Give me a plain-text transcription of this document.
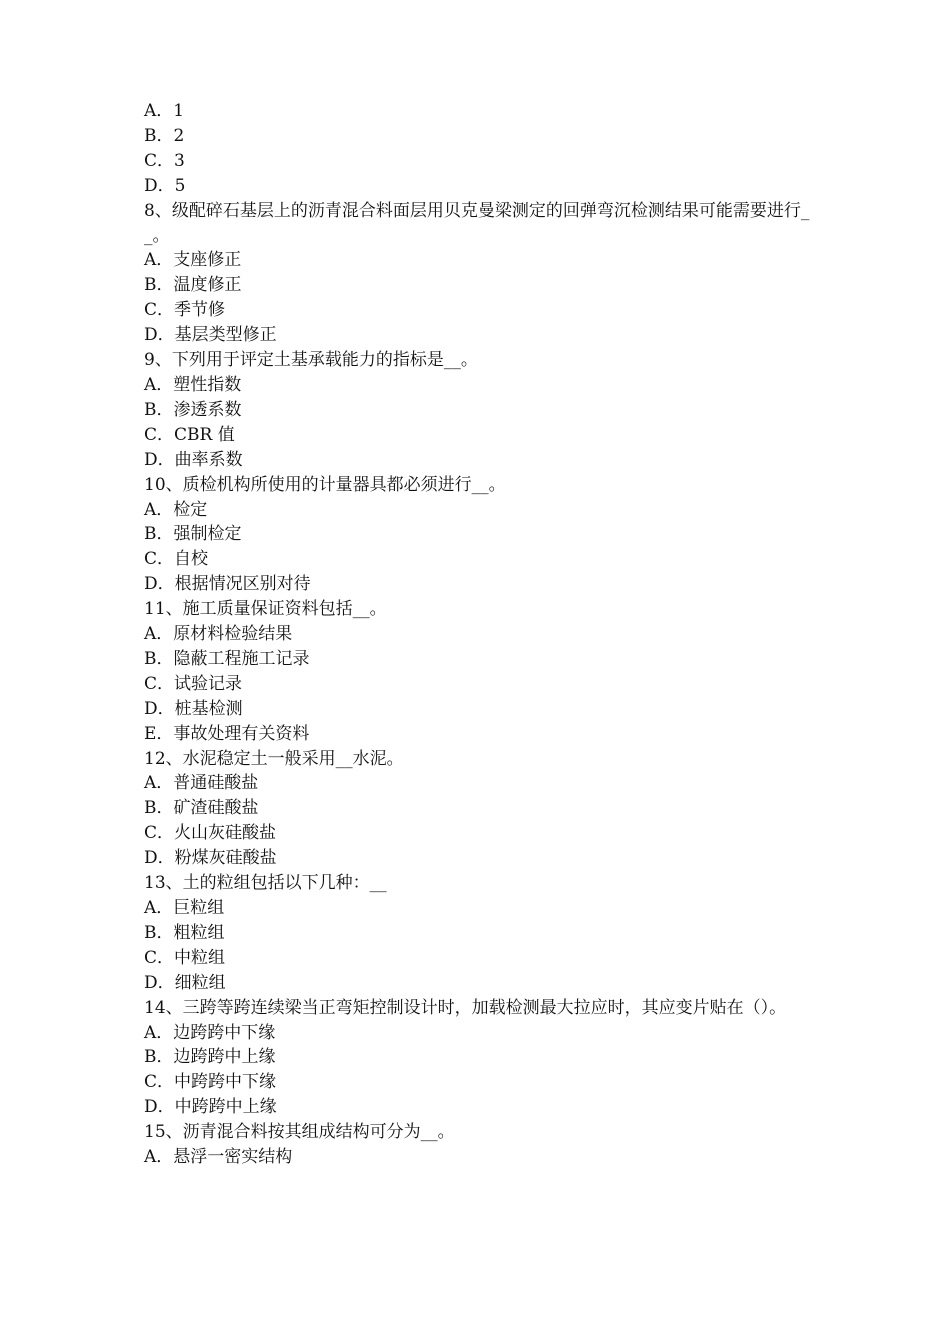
A．1
B．2
C．3
D．5
8、级配碎石基层上的沥青混合料面层用贝克曼梁测定的回弹弯沉检测结果可能需要进行__。
A．支座修正
B．温度修正
C．季节修
D．基层类型修正
9、下列用于评定土基承载能力的指标是__。
A．塑性指数
B．渗透系数
C．CBR 值
D．曲率系数
10、质检机构所使用的计量器具都必须进行__。
A．检定
B．强制检定
C．自校
D．根据情况区别对待
11、施工质量保证资料包括__。
A．原材料检验结果
B．隐蔽工程施工记录
C．试验记录
D．桩基检测
E．事故处理有关资料
12、水泥稳定土一般采用__水泥。
A．普通硅酸盐
B．矿渣硅酸盐
C．火山灰硅酸盐
D．粉煤灰硅酸盐
13、土的粒组包括以下几种：__
A．巨粒组
B．粗粒组
C．中粒组
D．细粒组
14、三跨等跨连续梁当正弯矩控制设计时，加载检测最大拉应时，其应变片贴在（）。
A．边跨跨中下缘
B．边跨跨中上缘
C．中跨跨中下缘
D．中跨跨中上缘
15、沥青混合料按其组成结构可分为__。
A．悬浮一密实结构
